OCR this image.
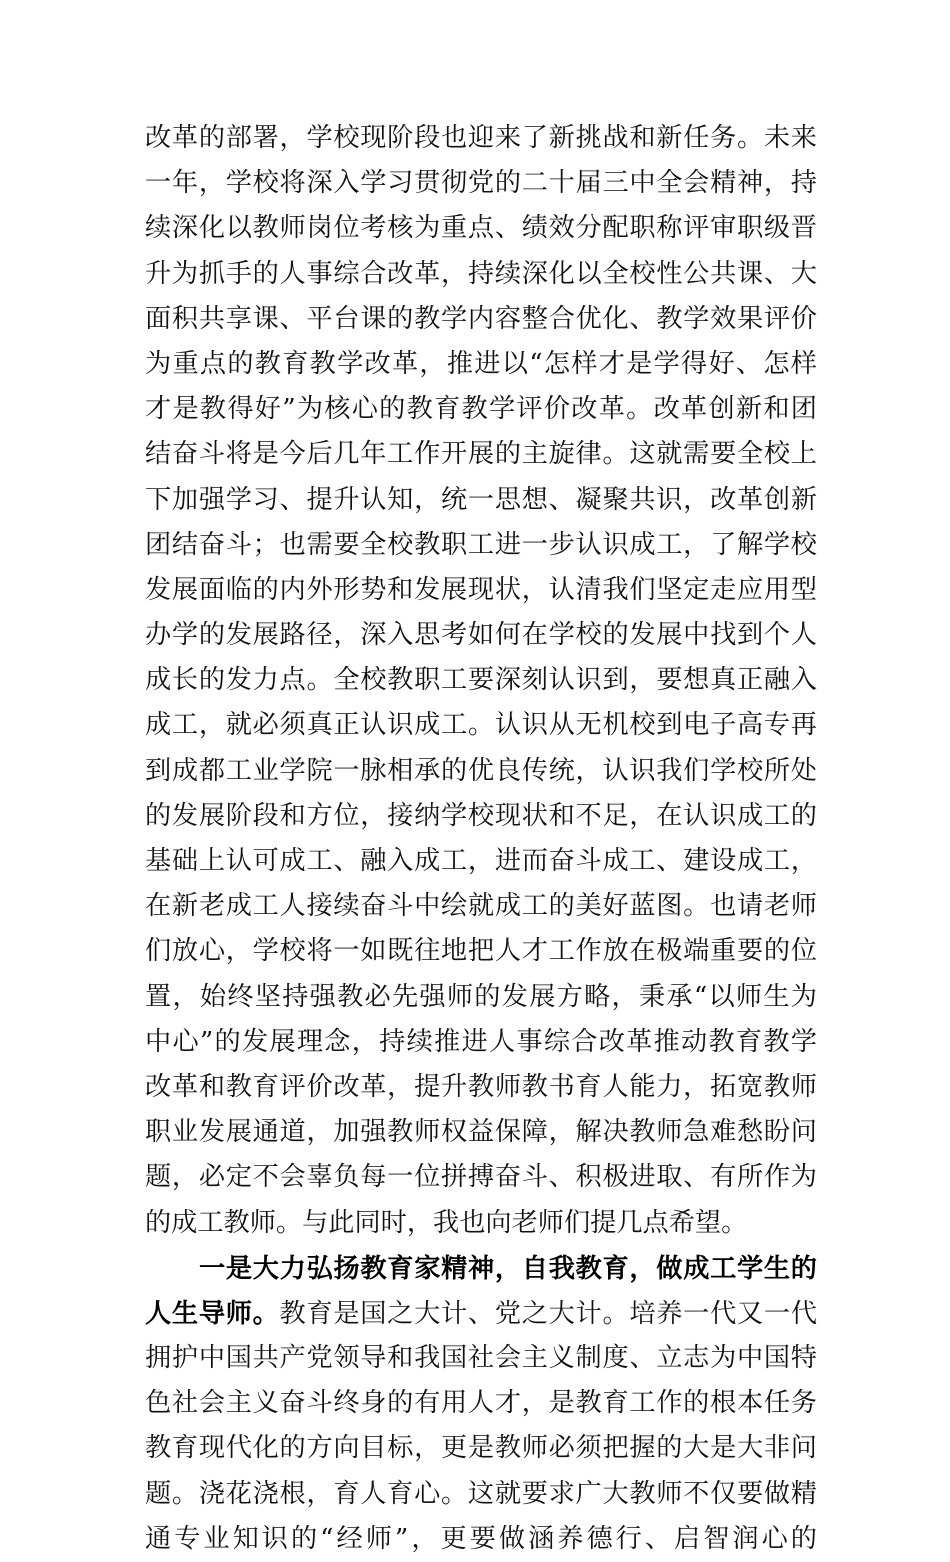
改革的部署，学校现阶段也迎来了新挑战和新任务。未来
一年，学校将深入学习贯彻党的二十届三中全会精神，持
续深化以教师岗位考核为重点、绩效分配职称评审职级晋
升为抓手的人事综合改革，持续深化以全校性公共课、大
面积共享课、平台课的教学内容整合优化、教学效果评价
为重点的教育教学改革，推进以“怎样才是学得好、怎样
才是教得好”为核心的教育教学评价改革。改革创新和团
结奋斗将是今后几年工作开展的主旋律。这就需要全校上
下加强学习、提升认知，统一思想、凝聚共识，改革创新
团结奋斗；也需要全校教职工进一步认识成工，了解学校
发展面临的内外形势和发展现状，认清我们坚定走应用型
办学的发展路径，深入思考如何在学校的发展中找到个人
成长的发力点。全校教职工要深刻认识到，要想真正融入
成工，就必须真正认识成工。认识从无机校到电子高专再
到成都工业学院一脉相承的优良传统，认识我们学校所处
的发展阶段和方位，接纳学校现状和不足，在认识成工的
基础上认可成工、融入成工，进而奋斗成工、建设成工，
在新老成工人接续奋斗中绘就成工的美好蓝图。也请老师
们放心，学校将一如既往地把人才工作放在极端重要的位
置，始终坚持强教必先强师的发展方略，秉承“以师生为
中心”的发展理念，持续推进人事综合改革推动教育教学
改革和教育评价改革，提升教师教书育人能力，拓宽教师
职业发展通道，加强教师权益保障，解决教师急难愁盼问
题，必定不会辜负每一位拼搏奋斗、积极进取、有所作为
的成工教师。与此同时，我也向老师们提几点希望。
一是大力弘扬教育家精神，自我教育，做成工学生的
人生导师。教育是国之大计、党之大计。培养一代又一代
拥护中国共产党领导和我国社会主义制度、立志为中国特
色社会主义奋斗终身的有用人才，是教育工作的根本任务
教育现代化的方向目标，更是教师必须把握的大是大非问
题。浇花浇根，育人育心。这就要求广大教师不仅要做精
通专业知识的“经师”，更要做涵养德行、启智润心的
